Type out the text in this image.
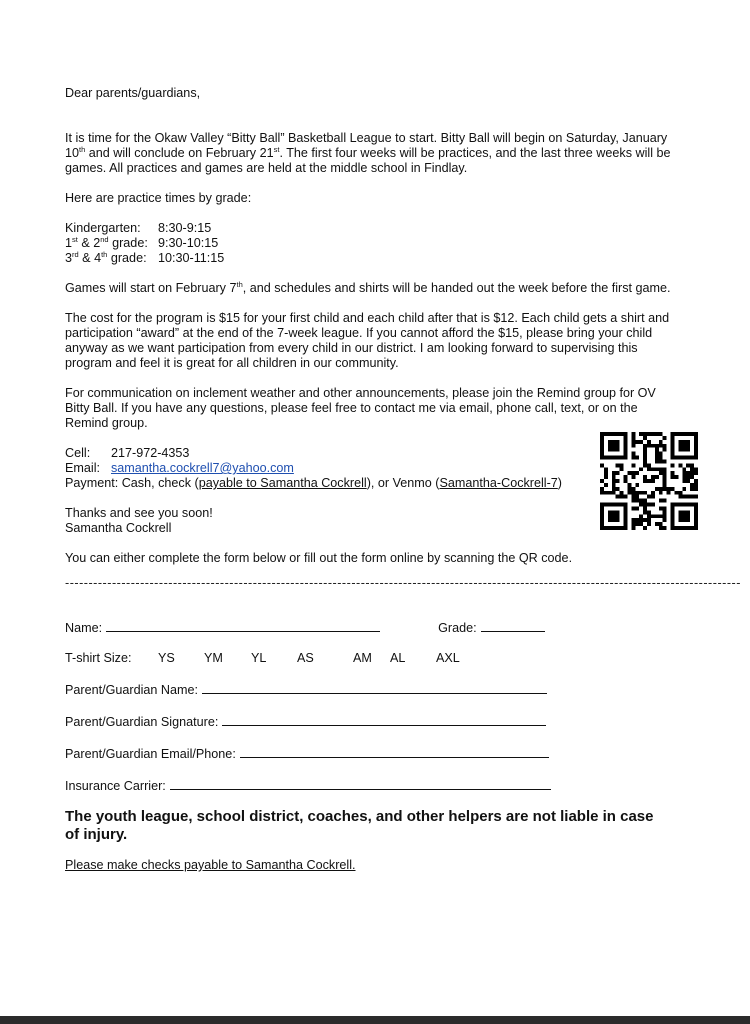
Dear parents/guardians,

It is time for the Okaw Valley “Bitty Ball” Basketball League to start. Bitty Ball will begin on Saturday, January 10th and will conclude on February 21st. The first four weeks will be practices, and the last three weeks will be games. All practices and games are held at the middle school in Findlay.

Here are practice times by grade:

Kindergarten:	8:30-9:15
1st & 2nd grade: 9:30-10:15
3rd & 4th grade: 10:30-11:15

Games will start on February 7th, and schedules and shirts will be handed out the week before the first game.

The cost for the program is $15 for your first child and each child after that is $12. Each child gets a shirt and participation “award” at the end of the 7-week league. If you cannot afford the $15, please bring your child anyway as we want participation from every child in our district. I am looking forward to supervising this program and feel it is great for all children in our community.

For communication on inclement weather and other announcements, please join the Remind group for OV Bitty Ball. If you have any questions, please feel free to contact me via email, phone call, text, or on the Remind group.

Cell: 217-972-4353
Email: samantha.cockrell7@yahoo.com
Payment: Cash, check (payable to Samantha Cockrell), or Venmo (Samantha-Cockrell-7)

Thanks and see you soon!

Samantha Cockrell

You can either complete the form below or fill out the form online by scanning the QR code.

------------------------------------------------------------------------------------------------------------------------------------------------
Name:	Grade:
T-shirt Size:	YS	YM	YL	AS	AM	AL	AXL
Parent/Guardian Name:
Parent/Guardian Signature:
Parent/Guardian Email/Phone:
Insurance Carrier:

The youth league, school district, coaches, and other helpers are not liable in case of injury.

Please make checks payable to Samantha Cockrell.
